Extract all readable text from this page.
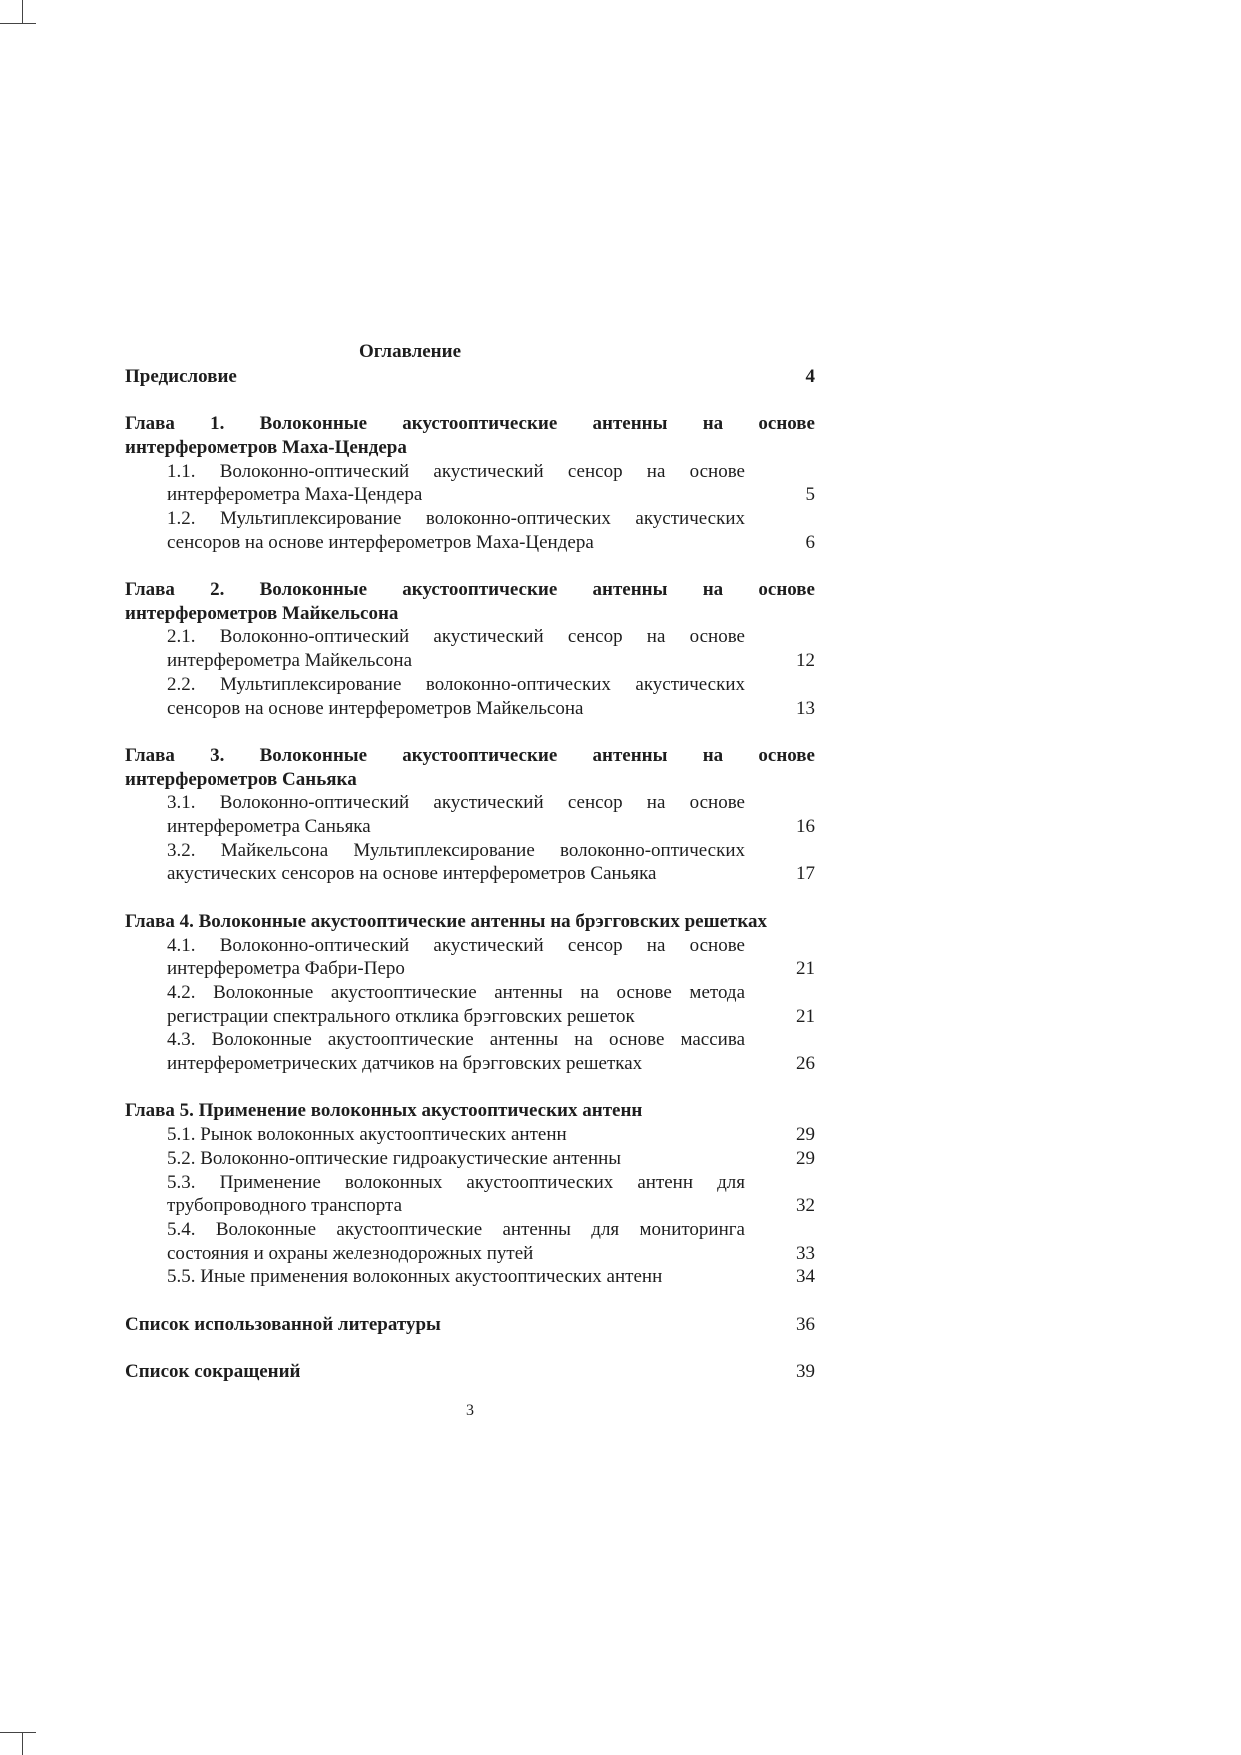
Оглавление
Предисловие	4
Глава 1. Волоконные акустооптические антенны на основе
интерферометров Маха-Цендера
1.1. Волоконно-оптический акустический сенсор на основе
интерферометра Маха-Цендера	5
1.2. Мультиплексирование волоконно-оптических акустических
сенсоров на основе интерферометров Маха-Цендера	6
Глава 2. Волоконные акустооптические антенны на основе
интерферометров Майкельсона
2.1. Волоконно-оптический акустический сенсор на основе
интерферометра Майкельсона	12
2.2. Мультиплексирование волоконно-оптических акустических
сенсоров на основе интерферометров Майкельсона	13
Глава 3. Волоконные акустооптические антенны на основе
интерферометров Саньяка
3.1. Волоконно-оптический акустический сенсор на основе
интерферометра Саньяка	16
3.2. Майкельсона Мультиплексирование волоконно-оптических
акустических сенсоров на основе интерферометров Саньяка	17
Глава 4. Волоконные акустооптические антенны на брэгговских решетках
4.1. Волоконно-оптический акустический сенсор на основе
интерферометра Фабри-Перо	21
4.2. Волоконные акустооптические антенны на основе метода
регистрации спектрального отклика брэгговских решеток	21
4.3. Волоконные акустооптические антенны на основе массива
интерферометрических датчиков на брэгговских решетках	26
Глава 5. Применение волоконных акустооптических антенн
5.1. Рынок волоконных акустооптических антенн	29
5.2. Волоконно-оптические гидроакустические антенны	29
5.3. Применение волоконных акустооптических антенн для
трубопроводного транспорта	32
5.4. Волоконные акустооптические антенны для мониторинга
состояния и охраны железнодорожных путей	33
5.5. Иные применения волоконных акустооптических антенн	34
Список использованной литературы	36
Список сокращений	39
3
